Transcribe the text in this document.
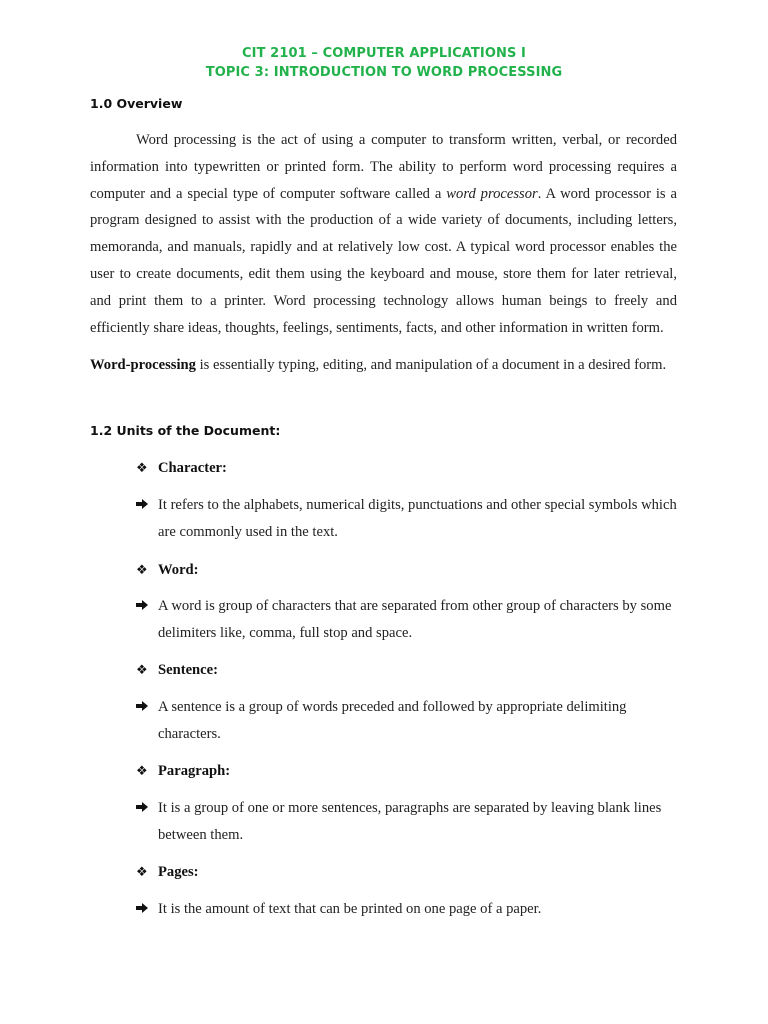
CIT 2101 – COMPUTER APPLICATIONS I
TOPIC 3: INTRODUCTION TO WORD PROCESSING
1.0 Overview

Word processing is the act of using a computer to transform written, verbal, or recorded information into typewritten or printed form. The ability to perform word processing requires a computer and a special type of computer software called a word processor. A word processor is a program designed to assist with the production of a wide variety of documents, including letters, memoranda, and manuals, rapidly and at relatively low cost. A typical word processor enables the user to create documents, edit them using the keyboard and mouse, store them for later retrieval, and print them to a printer. Word processing technology allows human beings to freely and efficiently share ideas, thoughts, feelings, sentiments, facts, and other information in written form.

Word-processing is essentially typing, editing, and manipulation of a document in a desired form.

1.2 Units of the Document:
❖ Character:
It refers to the alphabets, numerical digits, punctuations and other special symbols which are commonly used in the text.
❖ Word:
A word is group of characters that are separated from other group of characters by some delimiters like, comma, full stop and space.
❖ Sentence:
A sentence is a group of words preceded and followed by appropriate delimiting characters.
❖ Paragraph:
It is a group of one or more sentences, paragraphs are separated by leaving blank lines between them.
❖ Pages:
It is the amount of text that can be printed on one page of a paper.
